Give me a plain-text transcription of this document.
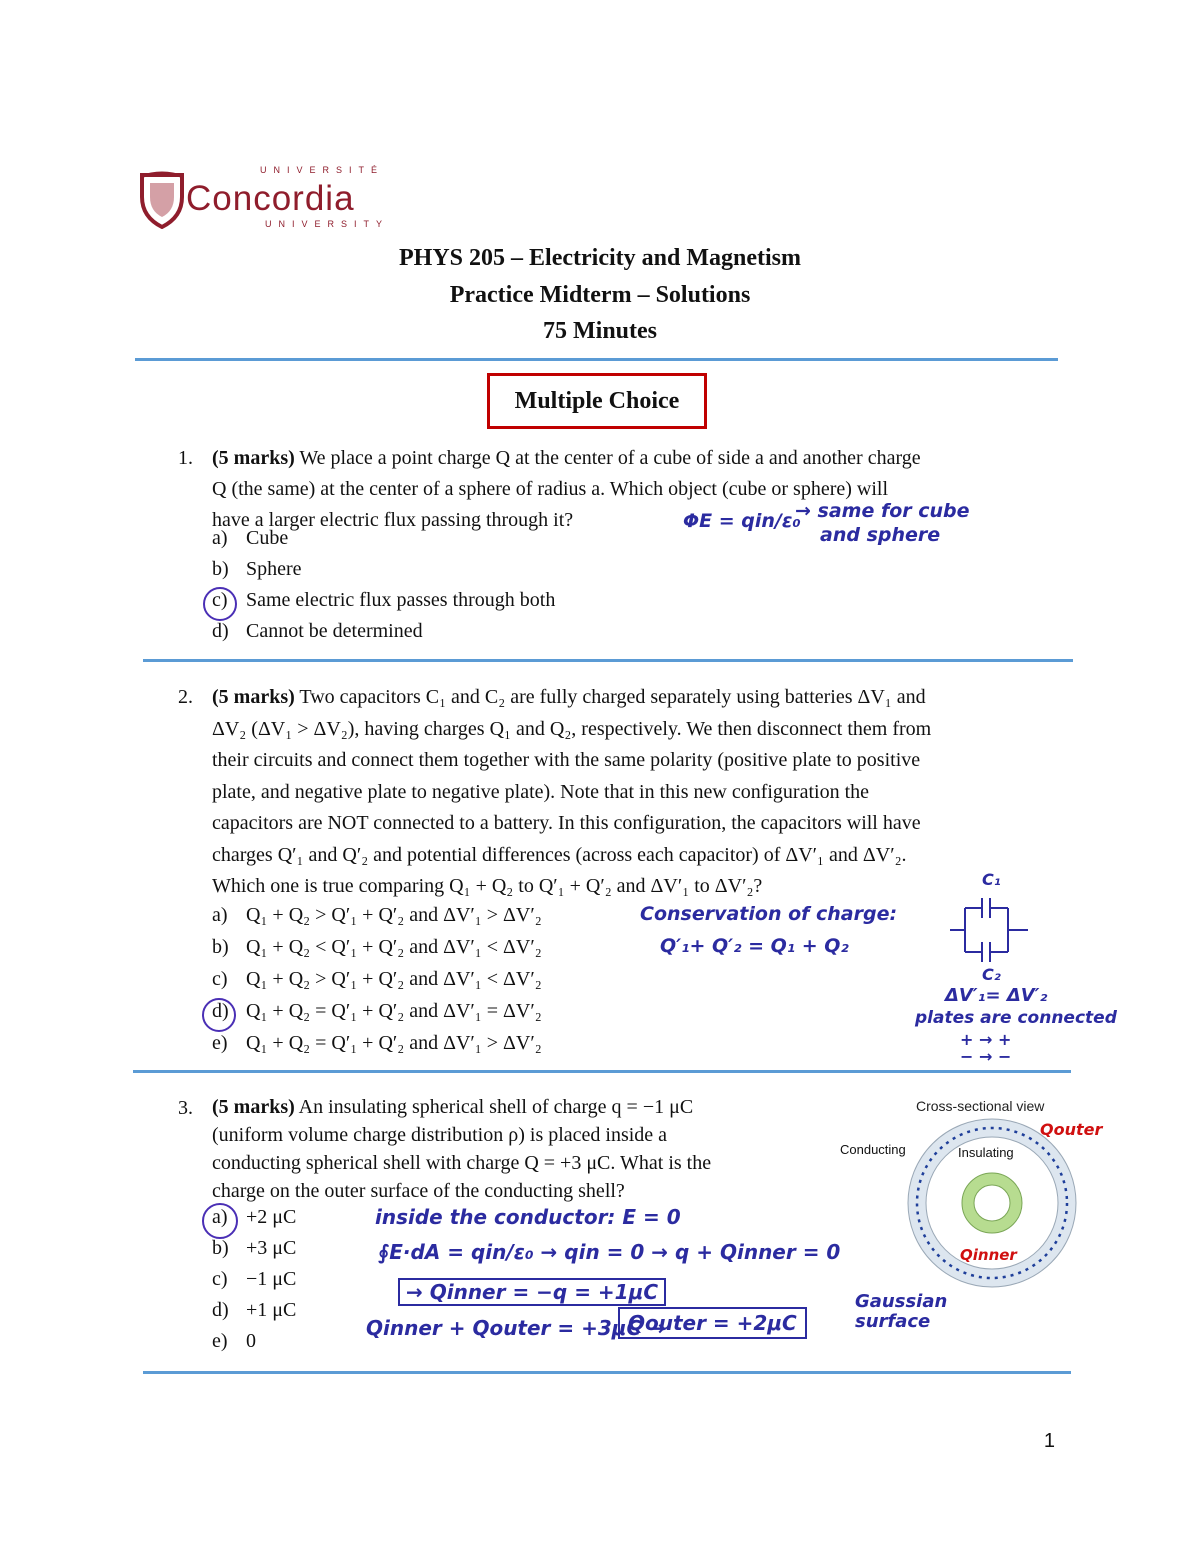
UNIVERSITÉ
Concordia
UNIVERSITY
PHYS 205 – Electricity and Magnetism
Practice Midterm – Solutions
75 Minutes
Multiple Choice
1. (5 marks) We place a point charge Q at the center of a cube of side a and another charge
Q (the same) at the center of a sphere of radius a. Which object (cube or sphere) will
have a larger electric flux passing through it?
a) Cube
b) Sphere
c) Same electric flux passes through both
d) Cannot be determined
ΦE = qin/ε₀
→ same for cube
and sphere
2. (5 marks) Two capacitors C₁ and C₂ are fully charged separately using batteries ΔV₁ and
ΔV₂ (ΔV₁ > ΔV₂), having charges Q₁ and Q₂, respectively. We then disconnect them from
their circuits and connect them together with the same polarity (positive plate to positive
plate, and negative plate to negative plate). Note that in this new configuration the
capacitors are NOT connected to a battery. In this configuration, the capacitors will have
charges Q′₁ and Q′₂ and potential differences (across each capacitor) of ΔV′₁ and ΔV′₂.
Which one is true comparing Q₁ + Q₂ to Q′₁ + Q′₂ and ΔV′₁ to ΔV′₂?
a) Q₁ + Q₂ > Q′₁ + Q′₂ and ΔV′₁ > ΔV′₂
b) Q₁ + Q₂ < Q′₁ + Q′₂ and ΔV′₁ < ΔV′₂
c) Q₁ + Q₂ > Q′₁ + Q′₂ and ΔV′₁ < ΔV′₂
d) Q₁ + Q₂ = Q′₁ + Q′₂ and ΔV′₁ = ΔV′₂
e) Q₁ + Q₂ = Q′₁ + Q′₂ and ΔV′₁ > ΔV′₂
Conservation of charge:
Q′₁+ Q′₂ = Q₁ + Q₂
C₁
C₂
ΔV′₁= ΔV′₂
plates are connected
+ → +
− → −
3. (5 marks) An insulating spherical shell of charge q = −1 μC
(uniform volume charge distribution ρ) is placed inside a
conducting spherical shell with charge Q = +3 μC. What is the
charge on the outer surface of the conducting shell?
a) +2 μC
b) +3 μC
c) −1 μC
d) +1 μC
e) 0
inside the conductor: E = 0
∮E·dA = qin/ε₀ → qin = 0 → q + Qinner = 0
→ Qinner = −q = +1μC
Qinner + Qouter = +3μC →
Qouter = +2μC
Cross-sectional view
Conducting	Insulating
Qouter
Qinner
Gaussian surface
1
